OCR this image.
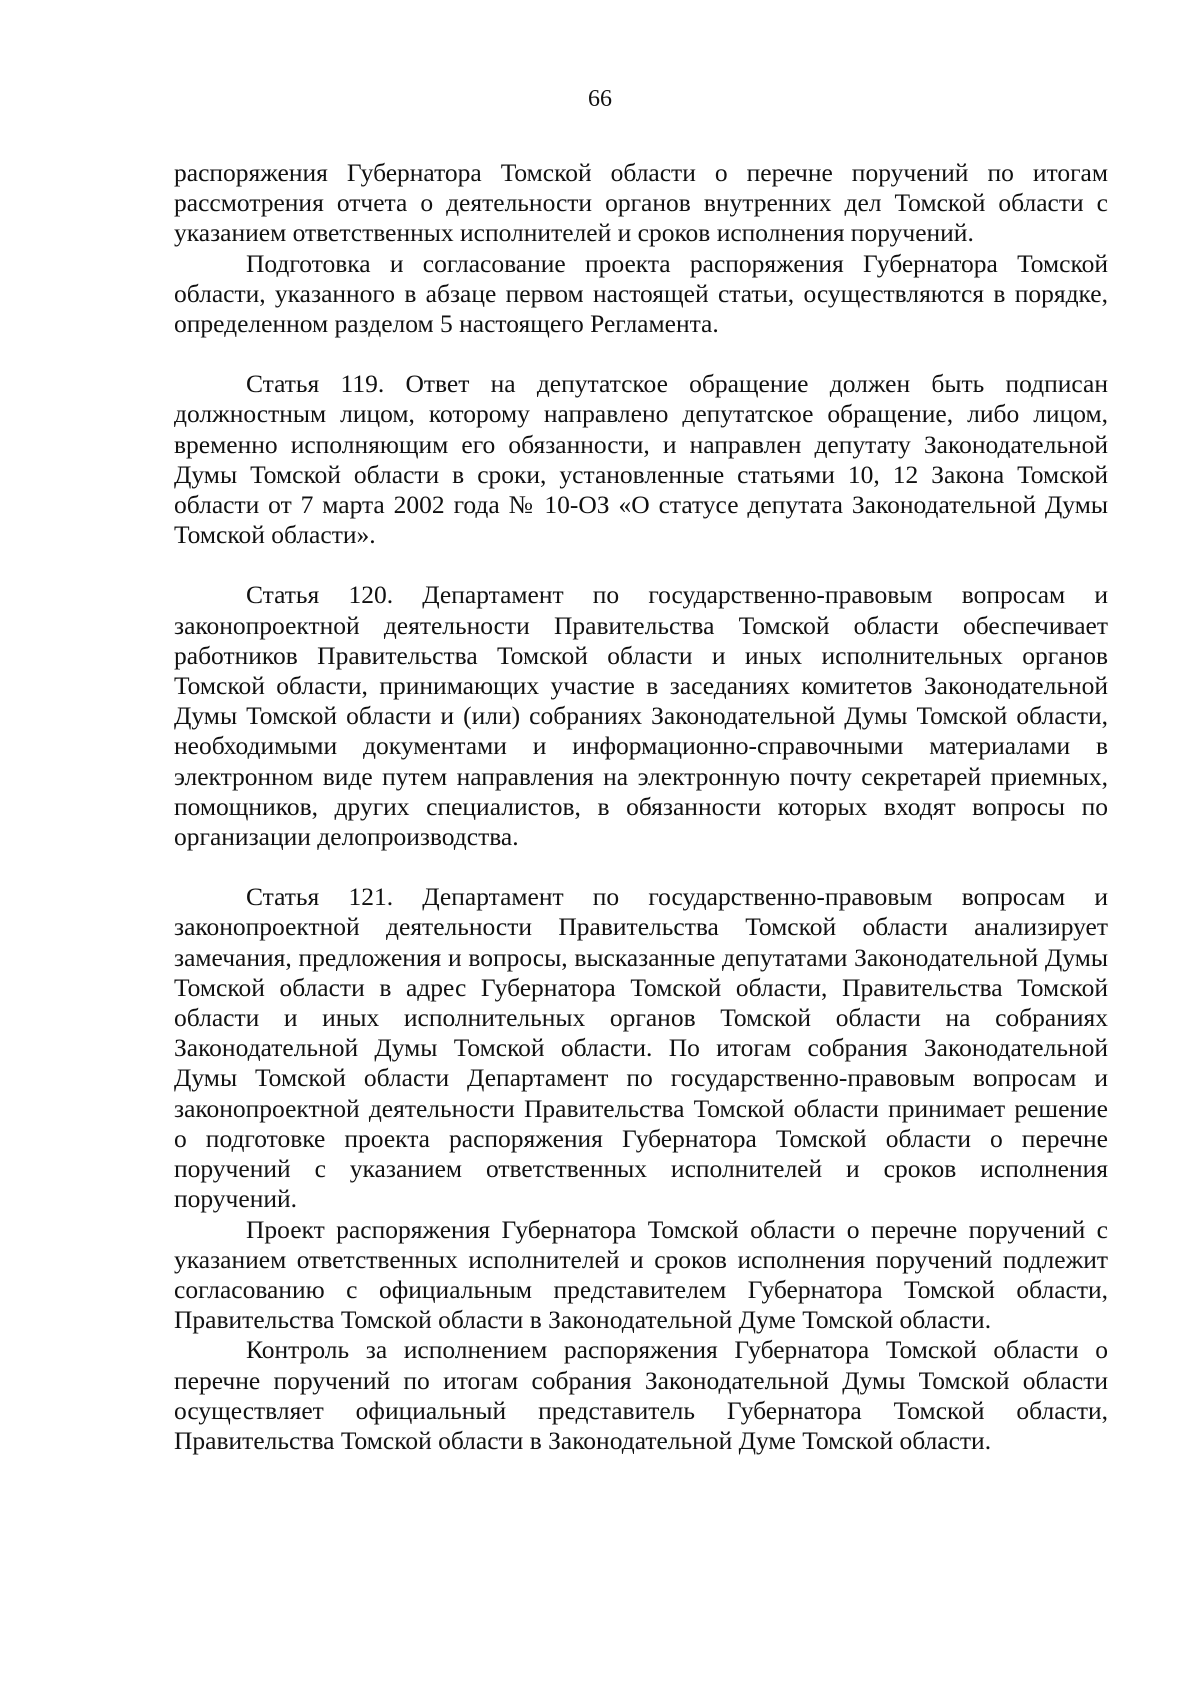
66

распоряжения Губернатора Томской области о перечне поручений по итогам рассмотрения отчета о деятельности органов внутренних дел Томской области с указанием ответственных исполнителей и сроков исполнения поручений.

Подготовка и согласование проекта распоряжения Губернатора Томской области, указанного в абзаце первом настоящей статьи, осуществляются в порядке, определенном разделом 5 настоящего Регламента.

Статья 119. Ответ на депутатское обращение должен быть подписан должностным лицом, которому направлено депутатское обращение, либо лицом, временно исполняющим его обязанности, и направлен депутату Законодательной Думы Томской области в сроки, установленные статьями 10, 12 Закона Томской области от 7 марта 2002 года № 10-ОЗ «О статусе депутата Законодательной Думы Томской области».

Статья 120. Департамент по государственно-правовым вопросам и законопроектной деятельности Правительства Томской области обеспечивает работников Правительства Томской области и иных исполнительных органов Томской области, принимающих участие в заседаниях комитетов Законодательной Думы Томской области и (или) собраниях Законодательной Думы Томской области, необходимыми документами и информационно-справочными материалами в электронном виде путем направления на электронную почту секретарей приемных, помощников, других специалистов, в обязанности которых входят вопросы по организации делопроизводства.

Статья 121. Департамент по государственно-правовым вопросам и законопроектной деятельности Правительства Томской области анализирует замечания, предложения и вопросы, высказанные депутатами Законодательной Думы Томской области в адрес Губернатора Томской области, Правительства Томской области и иных исполнительных органов Томской области на собраниях Законодательной Думы Томской области. По итогам собрания Законодательной Думы Томской области Департамент по государственно-правовым вопросам и законопроектной деятельности Правительства Томской области принимает решение о подготовке проекта распоряжения Губернатора Томской области о перечне поручений с указанием ответственных исполнителей и сроков исполнения поручений.

Проект распоряжения Губернатора Томской области о перечне поручений с указанием ответственных исполнителей и сроков исполнения поручений подлежит согласованию с официальным представителем Губернатора Томской области, Правительства Томской области в Законодательной Думе Томской области.

Контроль за исполнением распоряжения Губернатора Томской области о перечне поручений по итогам собрания Законодательной Думы Томской области осуществляет официальный представитель Губернатора Томской области, Правительства Томской области в Законодательной Думе Томской области.
